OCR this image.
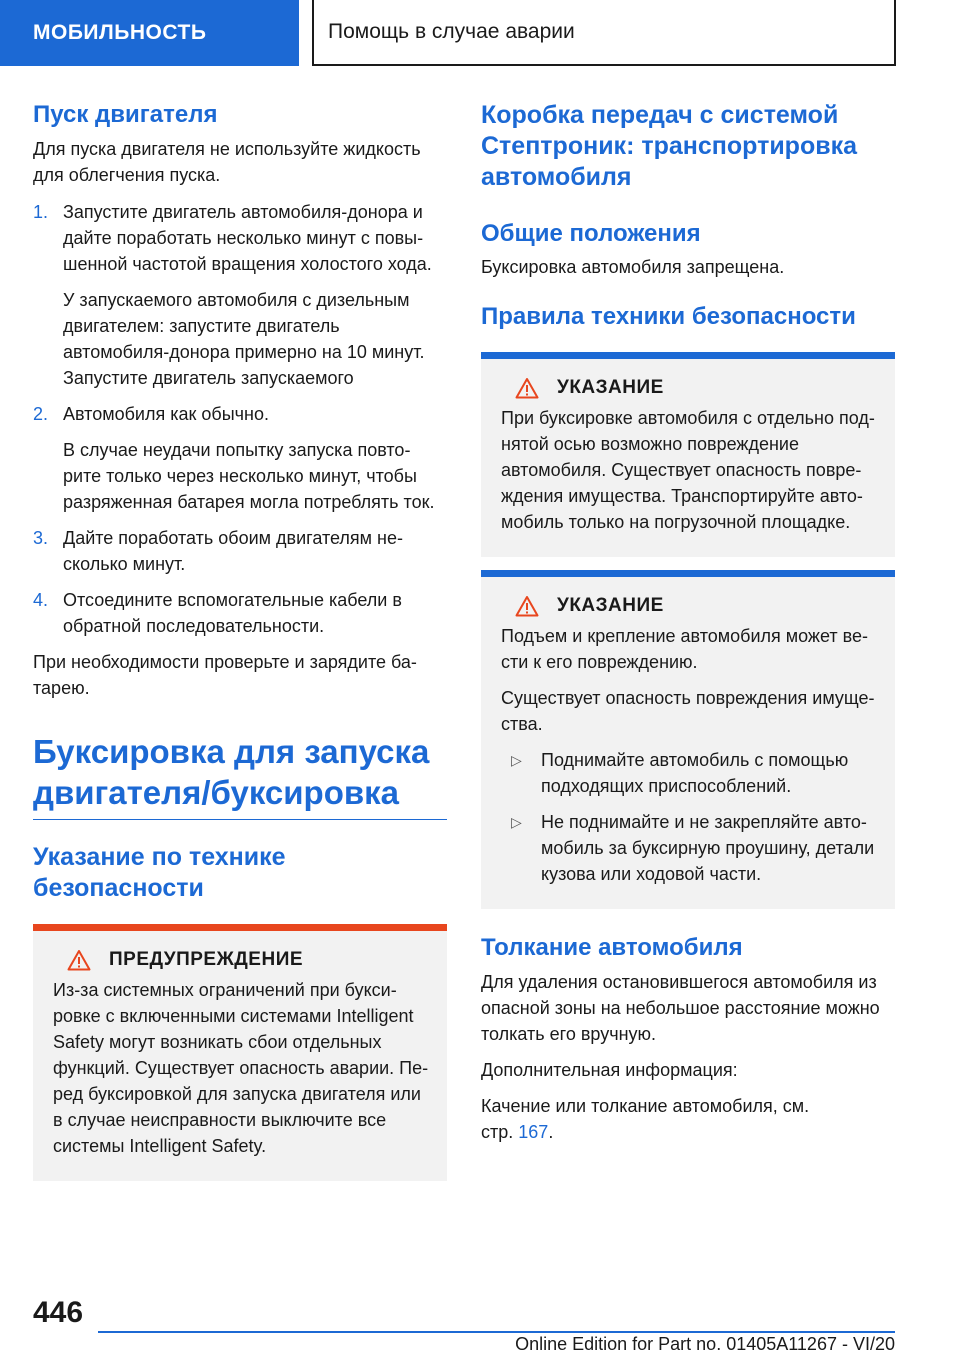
МОБИЛЬНОСТЬ	Помощь в случае аварии
Пуск двигателя

Для пуска двигателя не используйте жидкость для облегчения пуска.

1. Запустите двигатель автомобиля-донора и дайте поработать несколько минут с повы-шенной частотой вращения холостого хода.

У запускаемого автомобиля с дизельным двигателем: запустите двигатель автомобиля-донора примерно на 10 минут. Запустите двигатель запускаемого

2. Автомобиля как обычно.

В случае неудачи попытку запуска повто-рите только через несколько минут, чтобы разряженная батарея могла потреблять ток.

3. Дайте поработать обоим двигателям не-сколько минут.
4. Отсоедините вспомогательные кабели в обратной последовательности.

При необходимости проверьте и зарядите ба-тарею.

Буксировка для запуска двигателя/буксировка
Указание по технике безопасности
ПРЕДУПРЕЖДЕНИЕ

Из-за системных ограничений при букси-ровке с включенными системами Intelligent Safety могут возникать сбои отдельных функций. Существует опасность аварии. Пе-ред буксировкой для запуска двигателя или в случае неисправности выключите все системы Intelligent Safety.

Коробка передач с системой Стептроник: транспортировка автомобиля
Общие положения

Буксировка автомобиля запрещена.

Правила техники безопасности
УКАЗАНИЕ

При буксировке автомобиля с отдельно под-нятой осью возможно повреждение автомобиля. Существует опасность повре-ждения имущества. Транспортируйте авто-мобиль только на погрузочной площадке.

УКАЗАНИЕ

Подъем и крепление автомобиля может ве-сти к его повреждению.

Существует опасность повреждения имуще-ства.

▷	Поднимайте автомобиль с помощью подходящих приспособлений.
▷	Не поднимайте и не закрепляйте авто-мобиль за буксирную проушину, детали кузова или ходовой части.
Толкание автомобиля

Для удаления остановившегося автомобиля из опасной зоны на небольшое расстояние можно толкать его вручную.

Дополнительная информация:

Качение или толкание автомобиля, см.
стр. 167.

446
Online Edition for Part no. 01405A11267 - VI/20
